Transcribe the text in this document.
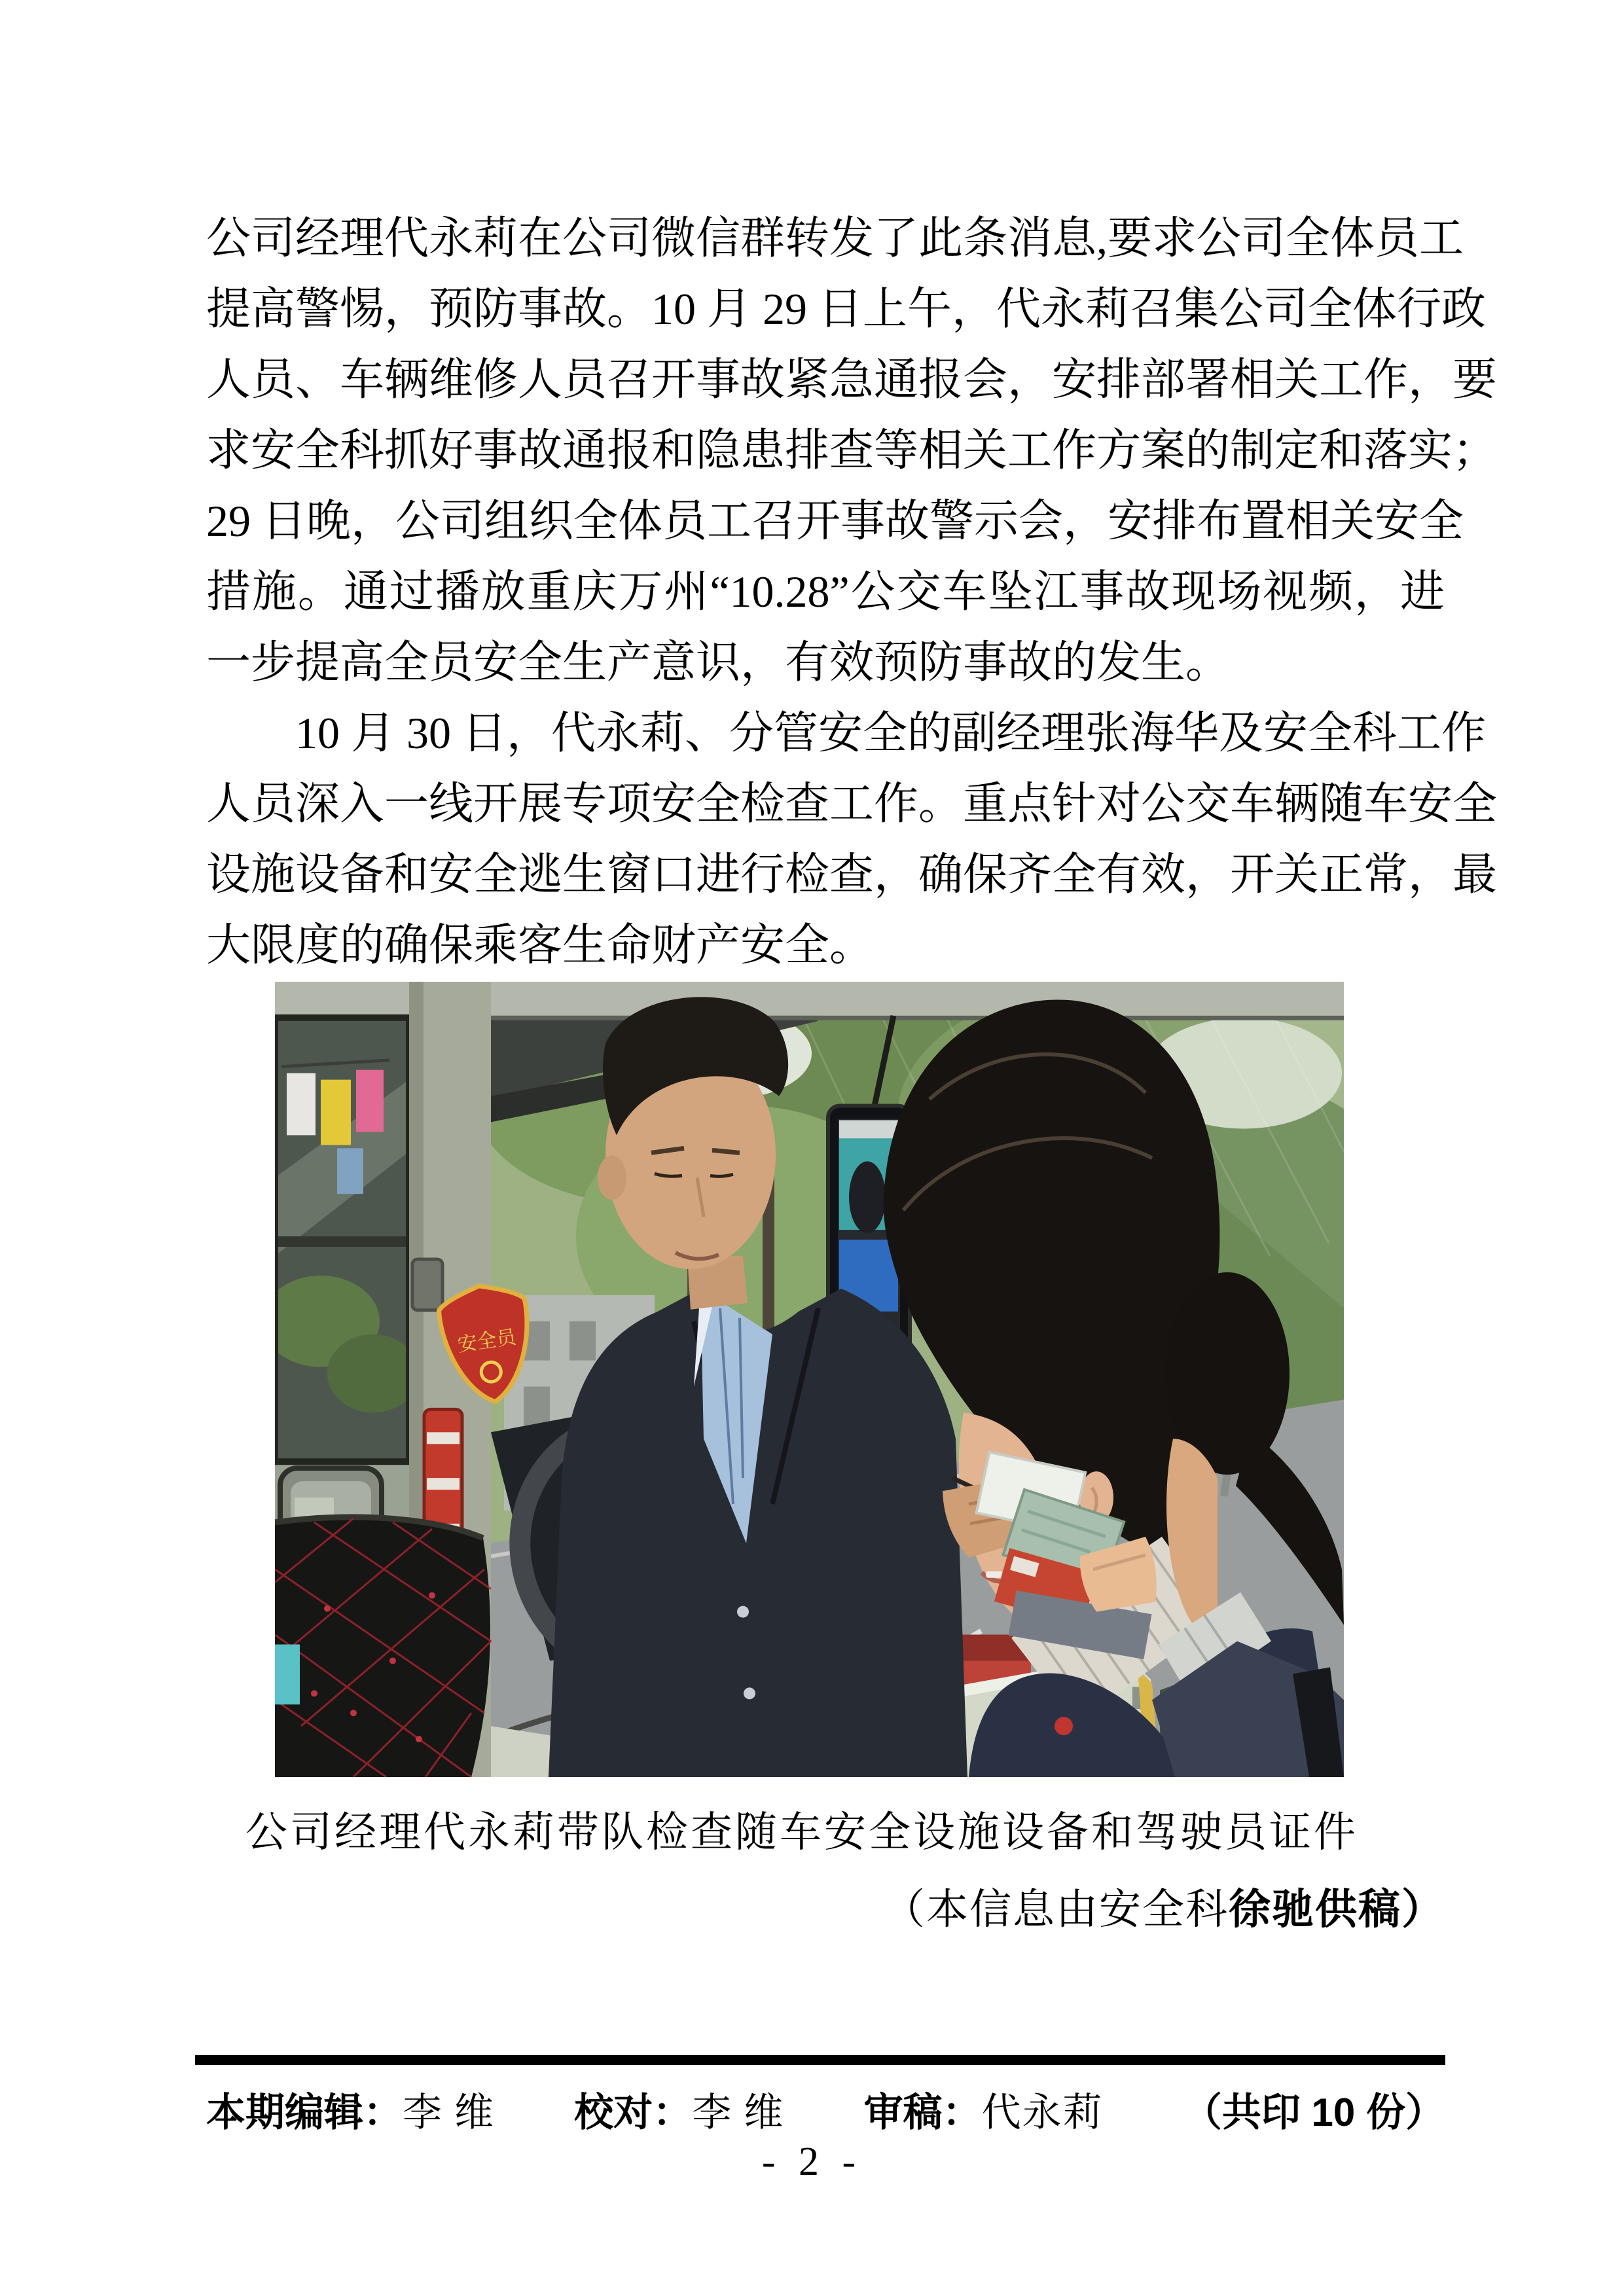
公司经理代永莉在公司微信群转发了此条消息,要求公司全体员工
提高警惕，预防事故。10 月 29 日上午，代永莉召集公司全体行政
人员、车辆维修人员召开事故紧急通报会，安排部署相关工作，要
求安全科抓好事故通报和隐患排查等相关工作方案的制定和落实；
29 日晚，公司组织全体员工召开事故警示会，安排布置相关安全
措施。通过播放重庆万州“10.28”公交车坠江事故现场视频，进
一步提高全员安全生产意识，有效预防事故的发生。
10 月 30 日，代永莉、分管安全的副经理张海华及安全科工作
人员深入一线开展专项安全检查工作。重点针对公交车辆随车安全
设施设备和安全逃生窗口进行检查，确保齐全有效，开关正常，最
大限度的确保乘客生命财产安全。
安全员
公司经理代永莉带队检查随车安全设施设备和驾驶员证件
（本信息由安全科徐驰供稿）
本期编辑：李 维 校对：李 维 审稿：代永莉 （共印 10 份）
- 2 -
